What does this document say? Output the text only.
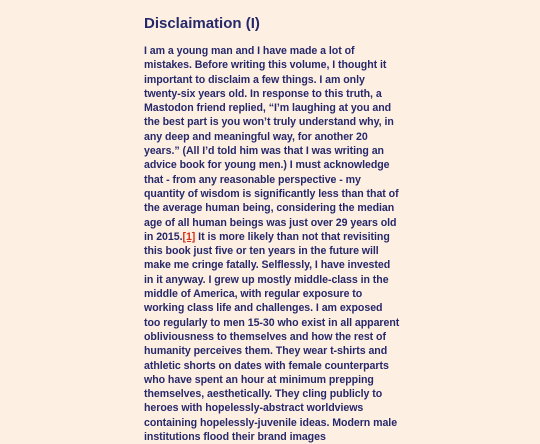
Disclaimation (I)

I am a young man and I have made a lot of mistakes. Before writing this volume, I thought it important to disclaim a few things. I am only twenty-six years old. In response to this truth, a Mastodon friend replied, “I’m laughing at you and the best part is you won’t truly understand why, in any deep and meaningful way, for another 20 years.” (All I’d told him was that I was writing an advice book for young men.) I must acknowledge that - from any reasonable perspective - my quantity of wisdom is significantly less than that of the average human being, considering the median age of all human beings was just over 29 years old in 2015.[1] It is more likely than not that revisiting this book just five or ten years in the future will make me cringe fatally. Selflessly, I have invested in it anyway. I grew up mostly middle-class in the middle of America, with regular exposure to working class life and challenges. I am exposed too regularly to men 15-30 who exist in all apparent obliviousness to themselves and how the rest of humanity perceives them. They wear t-shirts and athletic shorts on dates with female counterparts who have spent an hour at minimum prepping themselves, aesthetically. They cling publicly to heroes with hopelessly-abstract worldviews containing hopelessly-juvenile ideas. Modern male institutions flood their brand images
